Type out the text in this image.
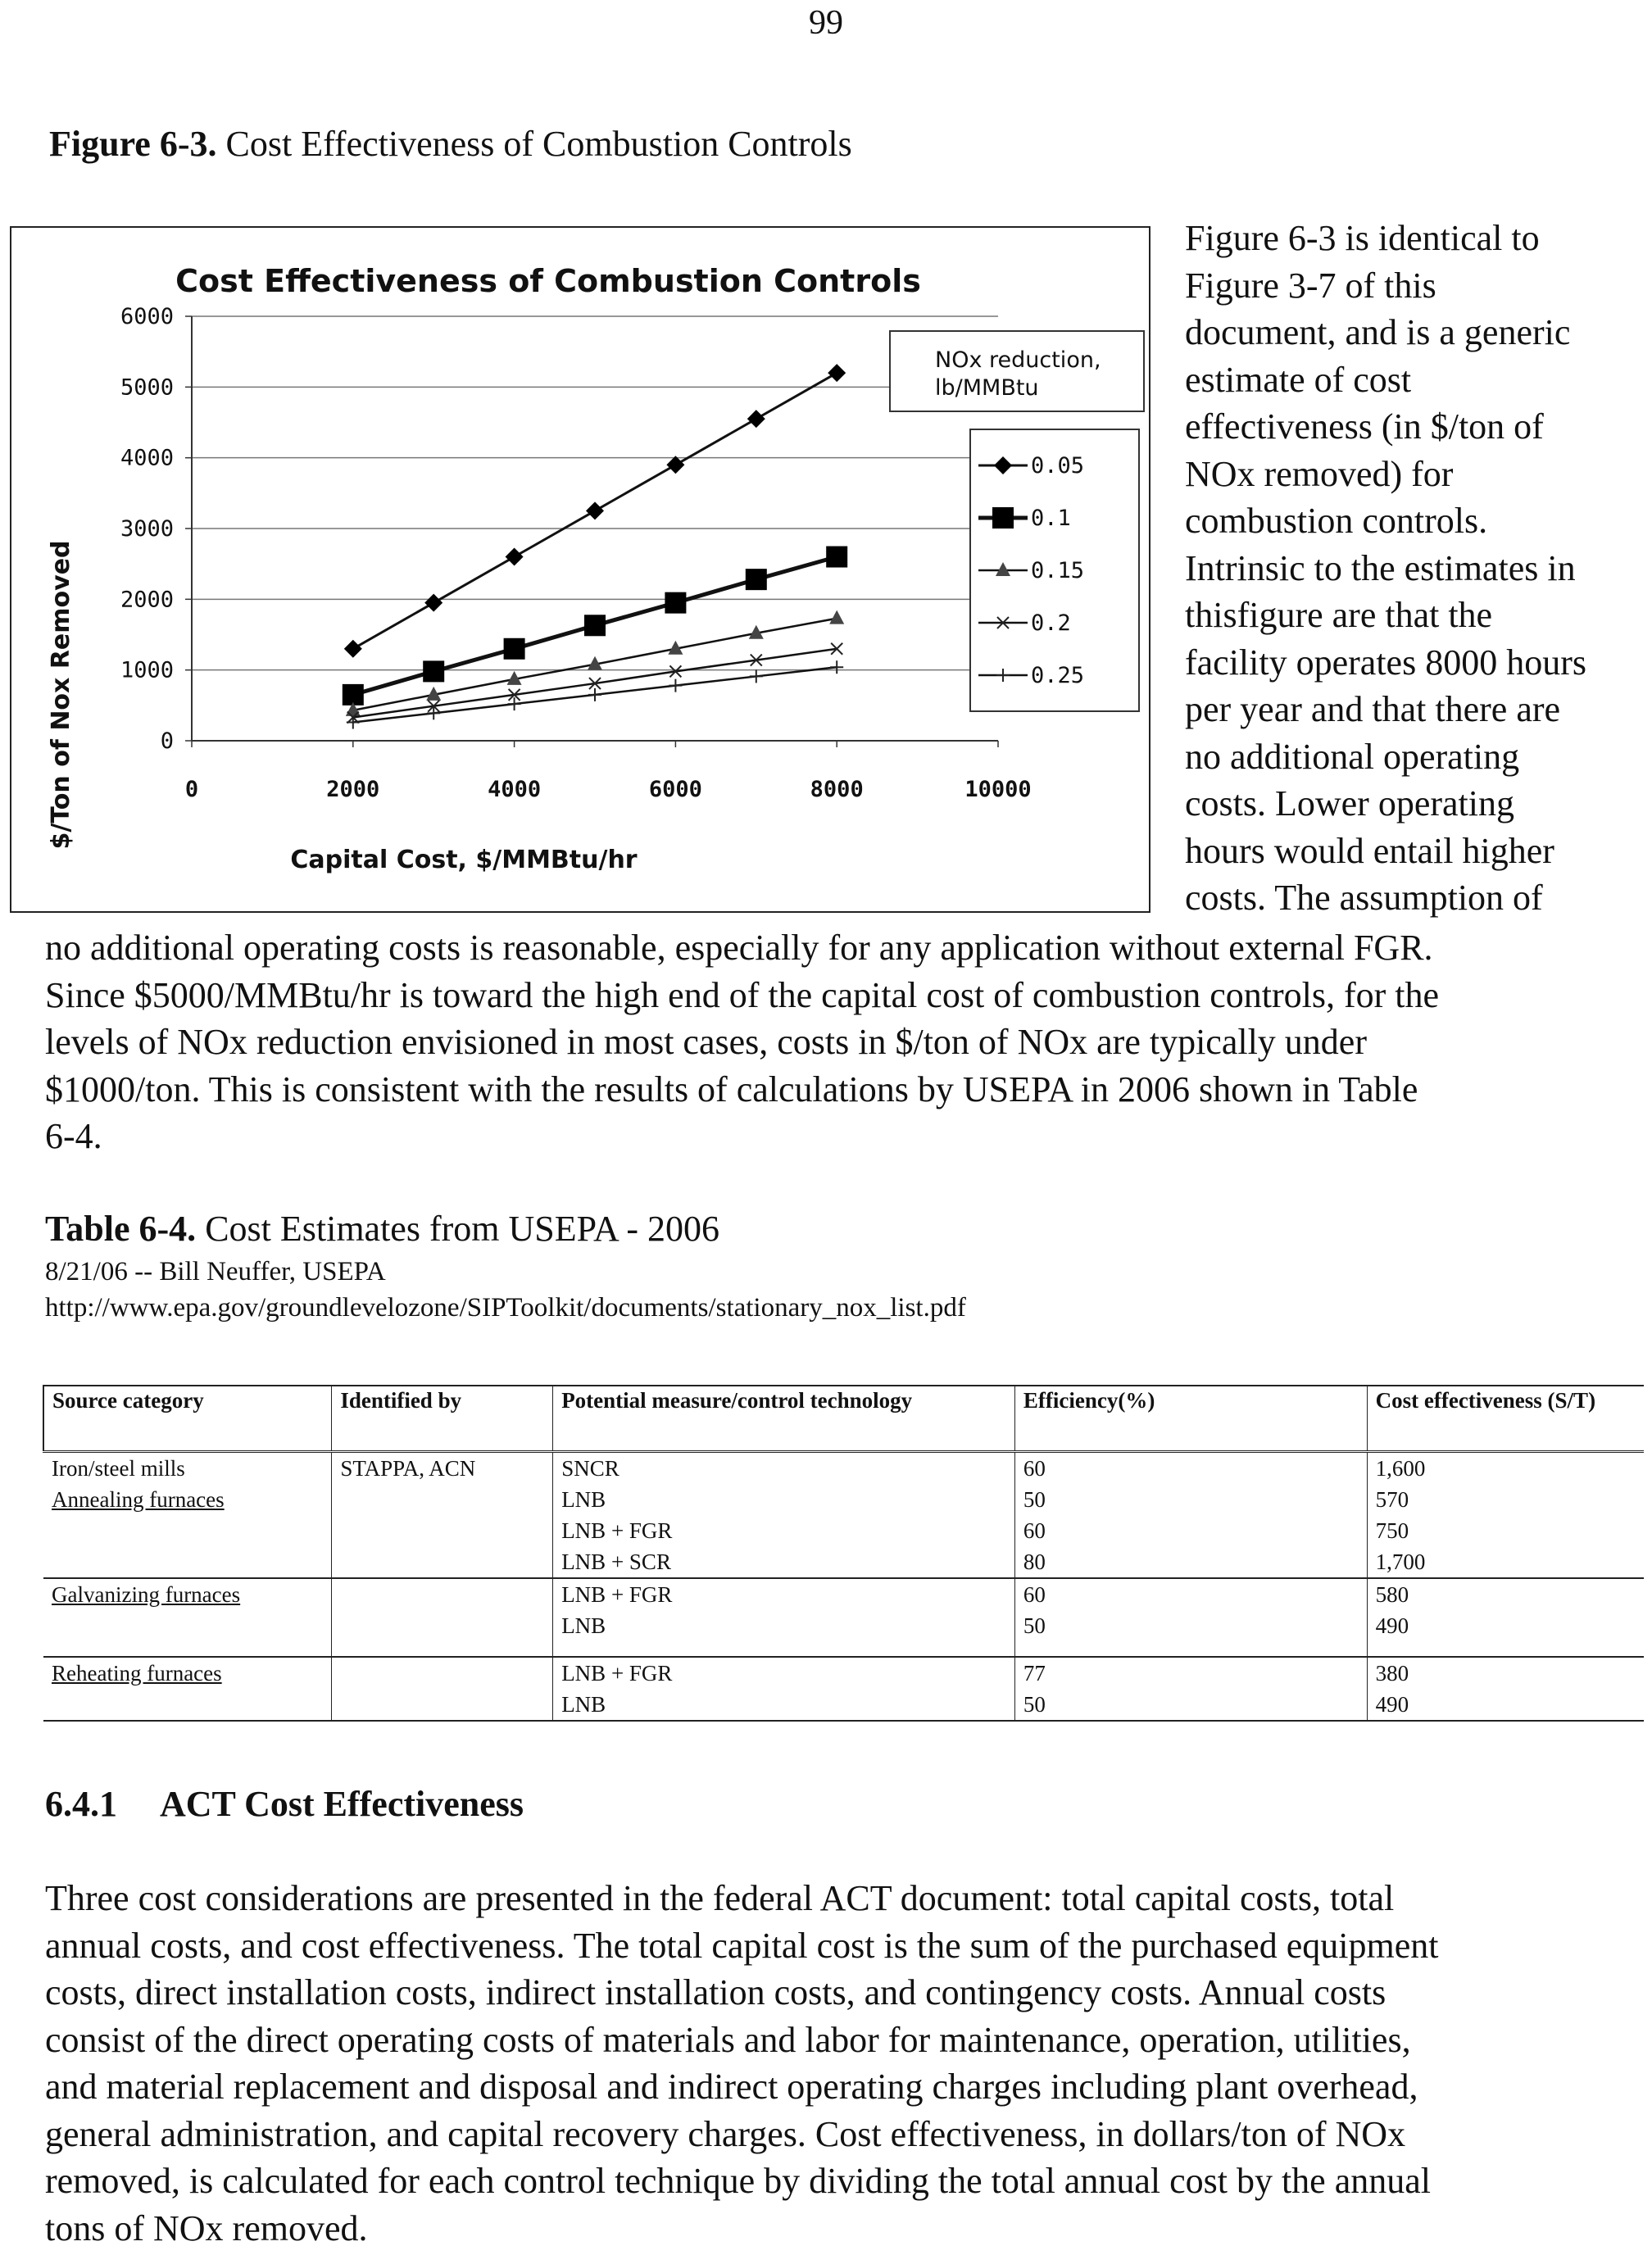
99
Figure 6-3. Cost Effectiveness of Combustion Controls
Cost Effectiveness of Combustion Controls
0
1000
2000
3000
4000
5000
6000
0	2000	4000	6000	8000	10000
NOx reduction,
lb/MMBtu
0.05
0.1
0.15
0.2
0.25
Capital Cost, $/MMBtu/hr
$/Ton of Nox Removed
Figure 6-3 is identical to
Figure 3-7 of this
document, and is a generic
estimate of cost
effectiveness (in $/ton of
NOx removed) for
combustion controls.
Intrinsic to the estimates in
thisfigure are that the
facility operates 8000 hours
per year and that there are
no additional operating
costs. Lower operating
hours would entail higher
costs. The assumption of
no additional operating costs is reasonable, especially for any application without external FGR.
Since $5000/MMBtu/hr is toward the high end of the capital cost of combustion controls, for the
levels of NOx reduction envisioned in most cases, costs in $/ton of NOx are typically under
$1000/ton. This is consistent with the results of calculations by USEPA in 2006 shown in Table
6-4.
Table 6-4. Cost Estimates from USEPA - 2006
8/21/06 -- Bill Neuffer, USEPA
http://www.epa.gov/groundlevelozone/SIPToolkit/documents/stationary_nox_list.pdf
Source category	Identified by	Potential measure/control technology	Efficiency(%)	Cost effectiveness (S/T)
Iron/steel mills	STAPPA, ACN	SNCR	60	1,600
Annealing furnaces		LNB	50	570
		LNB + FGR	60	750
		LNB + SCR	80	1,700
Galvanizing furnaces		LNB + FGR	60	580
		LNB	50	490

Reheating furnaces		LNB + FGR	77	380
		LNB	50	490
6.4.1 ACT Cost Effectiveness
Three cost considerations are presented in the federal ACT document: total capital costs, total
annual costs, and cost effectiveness. The total capital cost is the sum of the purchased equipment
costs, direct installation costs, indirect installation costs, and contingency costs. Annual costs
consist of the direct operating costs of materials and labor for maintenance, operation, utilities,
and material replacement and disposal and indirect operating charges including plant overhead,
general administration, and capital recovery charges. Cost effectiveness, in dollars/ton of NOx
removed, is calculated for each control technique by dividing the total annual cost by the annual
tons of NOx removed.
